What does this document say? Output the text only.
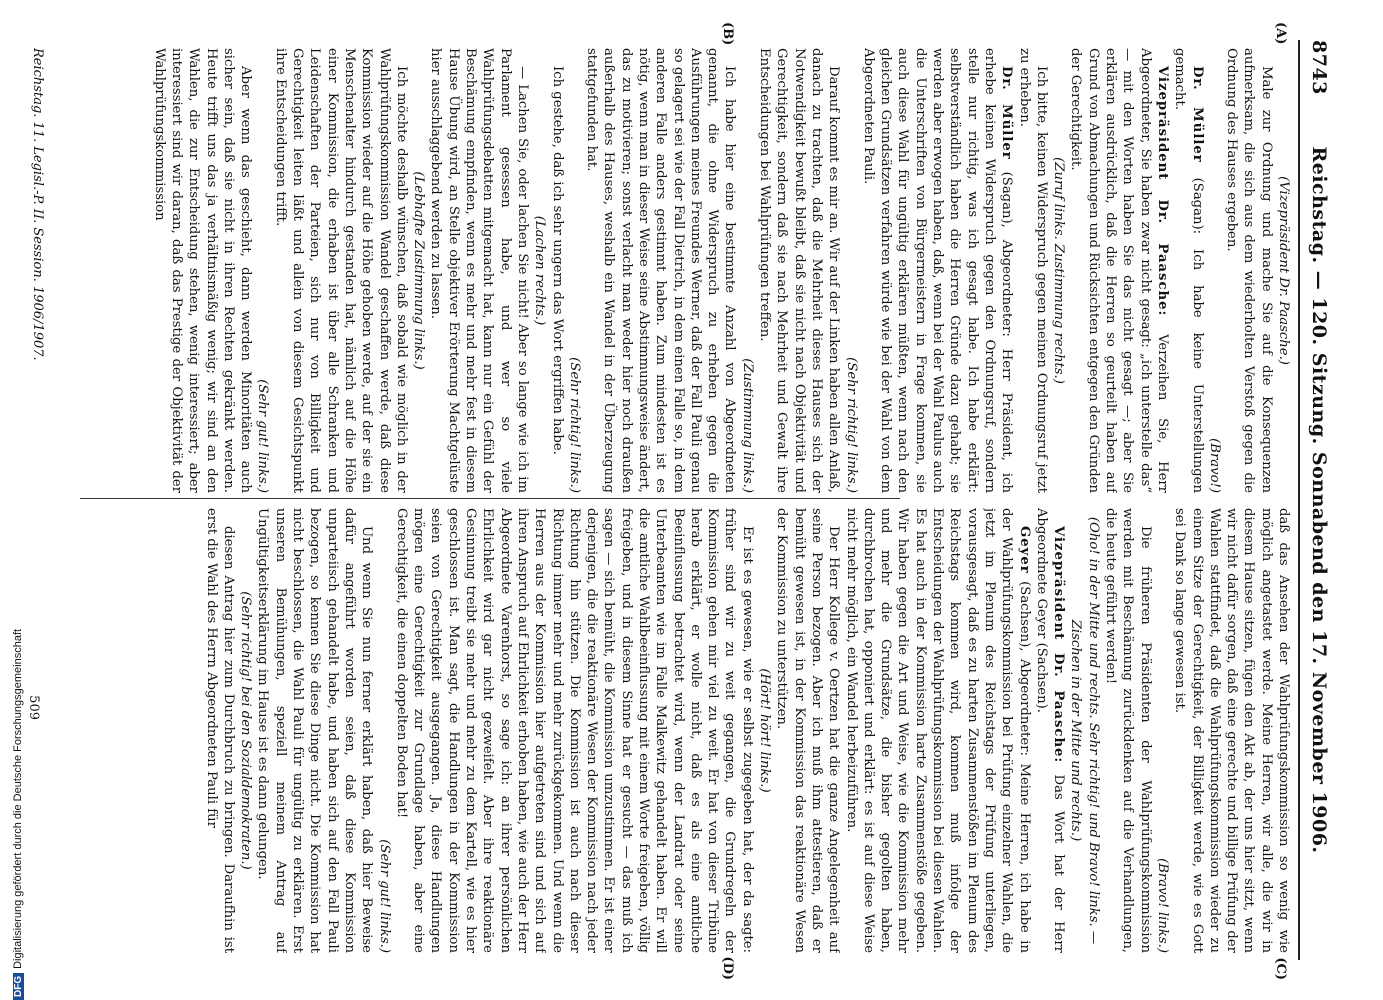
8743
Reichstag. — 120. Sitzung. Sonnabend den 17. November 1906.
(A)
(B)
(C)
(D)

(Vizepräsident Dr. Paasche.)

Male zur Ordnung und mache Sie auf die Konsequenzen aufmerksam, die sich aus dem wiederholten Verstoß gegen die Ordnung des Hauses ergeben.

(Bravo!)

Dr. Müller (Sagan): Ich habe keine Unterstellungen gemacht.

Vizepräsident Dr. Paasche: Verzeihen Sie, Herr Abgeordneter, Sie haben zwar nicht gesagt: „ich unterstelle das“ — mit den Worten haben Sie das nicht gesagt —; aber Sie erklären ausdrücklich, daß die Herren so geurteilt haben auf Grund von Abmachungen und Rücksichten entgegen den Gründen der Gerechtigkeit.

(Zuruf links. Zustimmung rechts.)

Ich bitte, keinen Widerspruch gegen meinen Ordnungsruf jetzt zu erheben.

Dr. Müller (Sagan), Abgeordneter: Herr Präsident, ich erhebe keinen Widerspruch gegen den Ordnungsruf, sondern stelle nur richtig, was ich gesagt habe. Ich habe erklärt: selbstverständlich haben die Herren Gründe dazu gehabt; sie werden aber erwogen haben, daß, wenn bei der Wahl Paulus auch die Unterschriften von Bürgermeistern in Frage kommen, sie auch diese Wahl für ungültig erklären müßten, wenn nach den gleichen Grundsätzen verfahren würde wie bei der Wahl von dem Abgeordneten Pauli.

(Sehr richtig! links.)

Darauf kommt es mir an. Wir auf der Linken haben allen Anlaß, danach zu trachten, daß die Mehrheit dieses Hauses sich der Notwendigkeit bewußt bleibt, daß sie nicht nach Objektivität und Gerechtigkeit, sondern daß sie nach Mehrheit und Gewalt ihre Entscheidungen bei Wahlprüfungen treffen.

(Zustimmung links.)

Ich habe hier eine bestimmte Anzahl von Abgeordneten genannt, die ohne Widerspruch zu erheben gegen die Ausführungen meines Freundes Werner, daß der Fall Pauli genau so gelagert sei wie der Fall Dietrich, in dem einen Falle so, in dem anderen Falle anders gestimmt haben. Zum mindesten ist es nötig, wenn man in dieser Weise seine Abstimmungsweise ändert, das zu motivieren; sonst verlacht man weder hier noch draußen außerhalb des Hauses, weshalb ein Wandel in der Überzeugung stattgefunden hat.

(Sehr richtig! links.)

Ich gestehe, daß ich sehr ungern das Wort ergriffen habe.

(Lachen rechts.)

— Lachen Sie, oder lachen Sie nicht! Aber so lange wie ich im Parlament gesessen habe, und wer so viele Wahlprüfungsdebatten mitgemacht hat, kann nur ein Gefühl der Beschämung empfinden, wenn es mehr und mehr fest in diesem Hause Übung wird, an Stelle objektiver Erörterung Machtgelüste hier ausschlaggebend werden zu lassen.

(Lebhafte Zustimmung links.)

Ich möchte deshalb wünschen, daß sobald wie möglich in der Wahlprüfungskommission Wandel geschaffen werde, daß diese Kommission wieder auf die Höhe gehoben werde, auf der sie ein Menschenalter hindurch gestanden hat, nämlich auf die Höhe einer Kommission, die erhaben ist über alle Schranken und Leidenschaften der Parteien, sich nur von Billigkeit und Gerechtigkeit leiten läßt und allein von diesem Gesichtspunkt ihre Entscheidungen trifft.

(Sehr gut! links.)

Aber wenn das geschieht, dann werden Minoritäten auch sicher sein, daß sie nicht in ihren Rechten gekränkt werden. Heute trifft uns das ja verhältnismäßig wenig; wir sind an den Wahlen, die zur Entscheidung stehen, wenig interessiert; aber interessiert sind wir daran, daß das Prestige der Objektivität der Wahlprüfungskommission

daß das Ansehen der Wahlprüfungskommission so wenig wie möglich angetastet werde. Meine Herren, wir alle, die wir in diesem Hause sitzen, fügen den Akt ab, der uns hier sitzt, wenn wir nicht dafür sorgen, daß eine gerechte und billige Prüfung der Wahlen stattfindet, daß die Wahlprüfungskommission wieder zu einem Sitze der Gerechtigkeit, der Billigkeit werde, wie es Gott sei Dank so lange gewesen ist.

(Bravo! links.)

Die früheren Präsidenten der Wahlprüfungskommission werden mit Beschämung zurückdenken auf die Verhandlungen, die heute geführt werden!

(Oho! in der Mitte und rechts. Sehr richtig! und Bravo! links. — Zischen in der Mitte und rechts.)

Vizepräsident Dr. Paasche: Das Wort hat der Herr Abgeordnete Geyer (Sachsen).

Geyer (Sachsen), Abgeordneter: Meine Herren, ich habe in der Wahlprüfungskommission bei Prüfung einzelner Wahlen, die jetzt im Plenum des Reichstags der Prüfung unterliegen, vorausgesagt, daß es zu harten Zusammenstößen im Plenum des Reichstags kommen wird, kommen muß infolge der Entscheidungen der Wahlprüfungskommission bei diesen Wahlen. Es hat auch in der Kommission harte Zusammenstöße gegeben. Wir haben gegen die Art und Weise, wie die Kommission mehr und mehr die Grundsätze, die bisher gegolten haben, durchbrochen hat, opponiert und erklärt: es ist auf diese Weise nicht mehr möglich, ein Wandel herbeizuführen.

Der Herr Kollege v. Oertzen hat die ganze Angelegenheit auf seine Person bezogen. Aber ich muß ihm attestieren, daß er bemüht gewesen ist, in der Kommission das reaktionäre Wesen der Kommission zu unterstützen.

(Hört! hört! links.)

Er ist es gewesen, wie er selbst zugegeben hat, der da sagte: früher sind wir zu weit gegangen, die Grundregeln der Kommission gehen mir viel zu weit. Er hat von dieser Tribüne herab erklärt, er wolle nicht, daß es als eine amtliche Beeinflussung betrachtet wird, wenn der Landrat oder seine Unterbeamten wie im Falle Malkewitz gehandelt haben. Er will die amtliche Wahlbeeinflussung mit einem Worte freigeben, völlig freigeben, und in diesem Sinne hat er gesucht — das muß ich sagen — sich bemüht, die Kommission umzustimmen. Er ist einer derjenigen, die die reaktionäre Wesen der Kommission nach jeder Richtung hin stützen. Die Kommission ist auch nach dieser Richtung immer mehr und mehr zurückgekommen. Und wenn die Herren aus der Kommission hier aufgetreten sind und sich auf ihren Anspruch auf Ehrlichkeit erhoben haben, wie auch der Herr Abgeordnete Varenhorst, so sage ich: an ihrer persönlichen Ehrlichkeit wird gar nicht gezweifelt. Aber ihre reaktionäre Gesinnung treibt sie mehr und mehr zu dem Kartell, wie es hier geschlossen ist. Man sagt, die Handlungen in der Kommission seien von Gerechtigkeit ausgegangen. Ja, diese Handlungen mögen eine Gerechtigkeit zur Grundlage haben, aber eine Gerechtigkeit, die einen doppelten Boden hat!

(Sehr gut! links.)

Und wenn Sie nun ferner erklärt haben, daß hier Beweise dafür angeführt worden seien, daß diese Kommission unparteiisch gehandelt habe, und haben sich auf den Fall Pauli bezogen, so kennen Sie diese Dinge nicht. Die Kommission hat nicht beschlossen, die Wahl Pauli für ungültig zu erklären. Erst unseren Bemühungen, speziell meinem Antrag auf Ungültigkeitserklärung im Hause ist es dann gelungen.

(Sehr richtig! bei den Sozialdemokraten.)

diesen Antrag hier zum Durchbruch zu bringen. Daraufhin ist erst die Wahl des Herrn Abgeordneten Pauli für

Reichstag. 11. Legisl.-P. II. Session. 1906/1907.
509
DFGDigitalisierung gefördert durch die Deutsche Forschungsgemeinschaft
